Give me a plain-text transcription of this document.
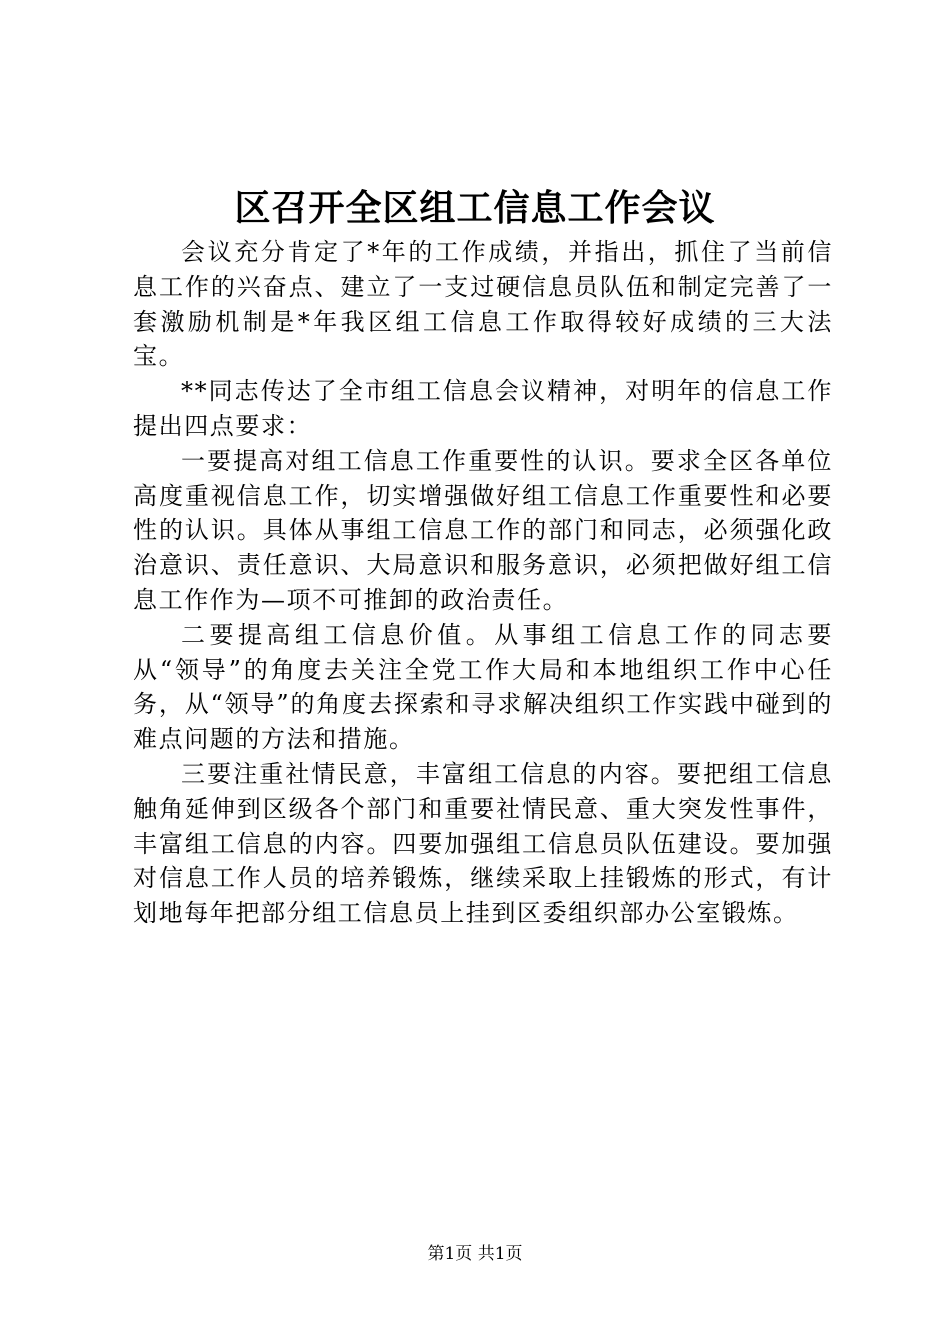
区召开全区组工信息工作会议

会议充分肯定了*年的工作成绩，并指出，抓住了当前信息工作的兴奋点、建立了一支过硬信息员队伍和制定完善了一套激励机制是*年我区组工信息工作取得较好成绩的三大法宝。

**同志传达了全市组工信息会议精神，对明年的信息工作提出四点要求：

一要提高对组工信息工作重要性的认识。要求全区各单位高度重视信息工作，切实增强做好组工信息工作重要性和必要性的认识。具体从事组工信息工作的部门和同志，必须强化政治意识、责任意识、大局意识和服务意识，必须把做好组工信息工作作为—项不可推卸的政治责任。

二要提高组工信息价值。从事组工信息工作的同志要从“领导”的角度去关注全党工作大局和本地组织工作中心任务，从“领导”的角度去探索和寻求解决组织工作实践中碰到的难点问题的方法和措施。

三要注重社情民意，丰富组工信息的内容。要把组工信息触角延伸到区级各个部门和重要社情民意、重大突发性事件，丰富组工信息的内容。四要加强组工信息员队伍建设。要加强对信息工作人员的培养锻炼，继续采取上挂锻炼的形式，有计划地每年把部分组工信息员上挂到区委组织部办公室锻炼。

第1页 共1页
